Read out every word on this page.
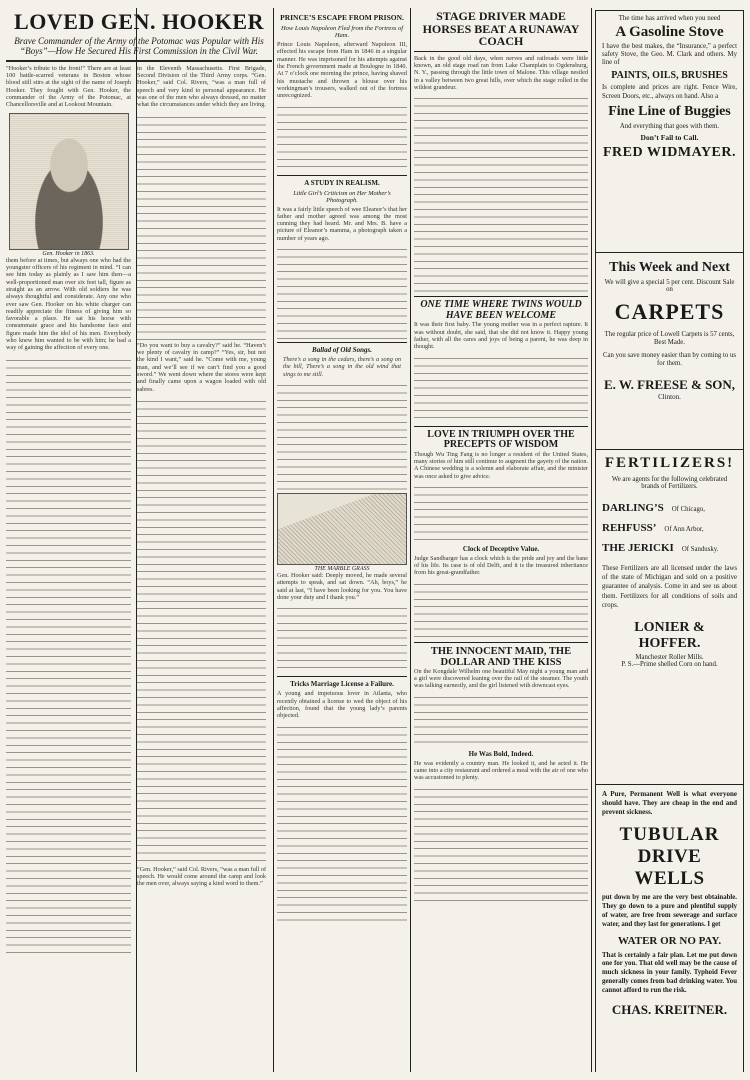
LOVED GEN. HOOKER
Brave Commander of the Army of the Potomac was Popular with His “Boys”—How He Secured His First Commission in the Civil War.
“Hooker’s tribute to the front!” There are at least 100 battle-scarred veterans in Boston whose blood still stirs at the sight of the name of Joseph Hooker. They fought with Gen. Hooker, the commander of the Army of the Potomac, at Chancellorsville and at Lookout Mountain.
Gen. Hooker in 1863.
them before at times, but always one who had the youngster officers of his regiment in mind. “I can see him today as plainly as I saw him then—a well-proportioned man over six feet tall, figure as straight as an arrow. With old soldiers he was always thoughtful and considerate. Any one who ever saw Gen. Hooker on his white charger can readily appreciate the fitness of giving him so favorable a place. He sat his horse with consummate grace and his handsome face and figure made him the idol of his men. Everybody who knew him wanted to be with him; he had a way of gaining the affection of every one.
in the Eleventh Massachusetts. First Brigade, Second Division of the Third Army corps. “Gen. Hooker,” said Col. Rivers, “was a man full of speech and very kind to personal appearance. He was one of the men who always dressed, no matter what the circumstances under which they are living.
“Do you want to buy a cavalry?” said he. “Haven’t we plenty of cavalry in camp?” “Yes, sir, but not the kind I want,” said he. “Come with me, young man, and we’ll see if we can’t find you a good sword.” We went down where the stores were kept and finally came upon a wagon loaded with old sabres.
“Gen. Hooker,” said Col. Rivers, “was a man full of speech. He would come around the camp and look the men over, always saying a kind word to them.”
PRINCE’S ESCAPE FROM PRISON.
How Louis Napoleon Fled from the Fortress of Ham.
Prince Louis Napoleon, afterward Napoleon III, effected his escape from Ham in 1846 in a singular manner. He was imprisoned for his attempts against the French government made at Boulogne in 1840. At 7 o’clock one morning the prince, having shaved his mustache and thrown a blouse over his workingman’s trousers, walked out of the fortress unrecognized.
A STUDY IN REALISM.
Little Girl’s Criticism on Her Mother’s Photograph.
It was a fairly little speech of wee Eleanor’s that her father and mother agreed was among the most cunning they had heard. Mr. and Mrs. B. have a picture of Eleanor’s mamma, a photograph taken a number of years ago.
Ballad of Old Songs.
There’s a song in the cedars, there’s a song on the hill, There’s a song in the old wind that sings to me still.
THE MARBLE GRASS
Gen. Hooker said: Deeply moved, he made several attempts to speak, and sat down. “Ah, boys,” he said at last, “I have been looking for you. You have done your duty and I thank you.”
Tricks Marriage License a Failure.
A young and impetuous lover in Atlanta, who recently obtained a license to wed the object of his affection, found that the young lady’s parents objected.
STAGE DRIVER MADE HORSES BEAT A RUNAWAY COACH
Back in the good old days, when nerves and railroads were little known, an old stage road ran from Lake Champlain to Ogdensburg, N. Y., passing through the little town of Malone. This village nestled in a valley between two great hills, over which the stage rolled in the wildest grandeur.
ONE TIME WHERE TWINS WOULD HAVE BEEN WELCOME
It was their first baby. The young mother was in a perfect rapture. It was without doubt, she said, that she did not know it. Happy young father, with all the cares and joys of being a parent, he was deep in thought.
LOVE IN TRIUMPH OVER THE PRECEPTS OF WISDOM
Though Wu Ting Fang is no longer a resident of the United States, many stories of him still continue to augment the gayety of the nation. A Chinese wedding is a solemn and elaborate affair, and the minister was once asked to give advice.
Clock of Deceptive Value.
Judge Sandbarger has a clock which is the pride and joy and the bane of his life. Its case is of old Delft, and it is the treasured inheritance from his great-grandfather.
THE INNOCENT MAID, THE DOLLAR AND THE KISS
On the Kongdale Wilhelm one beautiful May night a young man and a girl were discovered leaning over the rail of the steamer. The youth was talking earnestly, and the girl listened with downcast eyes.
He Was Bold, Indeed.
He was evidently a country man. He looked it, and he acted it. He came into a city restaurant and ordered a meal with the air of one who was accustomed to plenty.
The time has arrived when you need
A Gasoline Stove
I have the best makes, the “Insurance,” a perfect safety Stove, the Geo. M. Clark and others. My line of
PAINTS, OILS, BRUSHES
Is complete and prices are right. Fence Wire, Screen Doors, etc., always on hand. Also a
Fine Line of Buggies
And everything that goes with them.
Don’t Fail to Call.
FRED WIDMAYER.
This Week and Next
We will give a special 5 per cent. Discount Sale on
CARPETS
The regular price of Lowell Carpets is 57 cents, Best Made.
Can you save money easier than by coming to us for them.
E. W. FREESE & SON,
Clinton.
FERTILIZERS!
We are agents for the following celebrated brands of Fertilizers.
DARLING’S Of Chicago,
REHFUSS’ Of Ann Arbor,
THE JERICKI Of Sandusky.
These Fertilizers are all licensed under the laws of the state of Michigan and sold on a positive guarantee of analysis. Come in and see us about them. Fertilizers for all conditions of soils and crops.
LONIER & HOFFER.
Manchester Roller Mills.
P. S.—Prime shelled Corn on hand.
A Pure, Permanent Well is what everyone should have. They are cheap in the end and prevent sickness.
TUBULAR
DRIVE WELLS
put down by me are the very best obtainable. They go down to a pure and plentiful supply of water, are free from sewerage and surface water, and they last for generations. I get
WATER OR NO PAY.
That is certainly a fair plan. Let me put down one for you. That old well may be the cause of much sickness in your family. Typhoid Fever generally comes from bad drinking water. You cannot afford to run the risk.
CHAS. KREITNER.
